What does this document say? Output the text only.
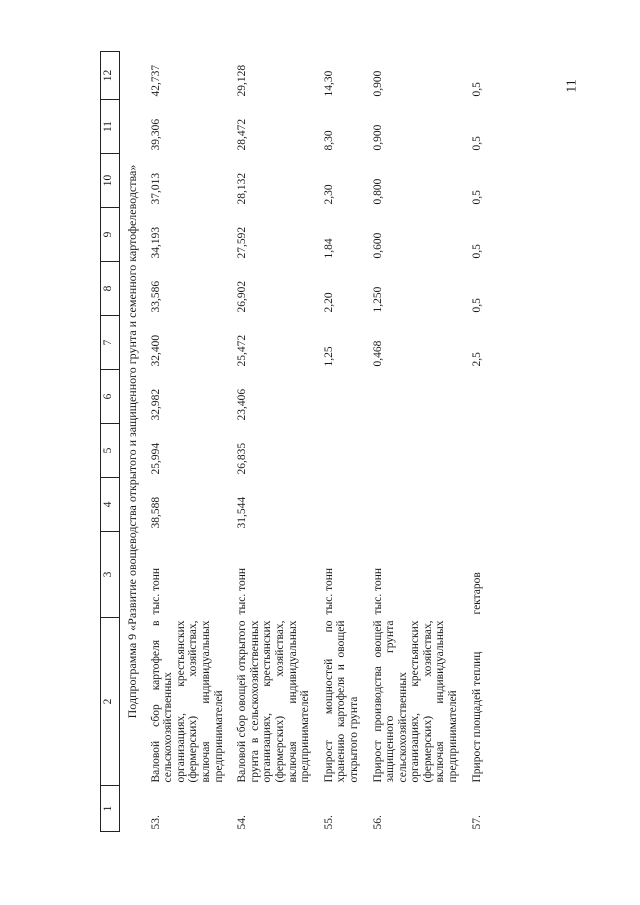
11
1	2	3	4	5	6	7	8	9	10	11	12
Подпрограмма 9 «Развитие овощеводства открытого и защищенного грунта и семенного картофелеводства»											
53.	Валовой сбор картофеля в сельскохозяйственных организациях, крестьянских (фермерских) хозяйствах, включая индивидуальных предпринимателей	тыс. тонн	38,588	25,994	32,982	32,400	33,586	34,193	37,013	39,306	42,737
54.	Валовой сбор овощей открытого грунта в сельскохозяйственных организациях, крестьянских (фермерских) хозяйствах, включая индивидуальных предпринимателей	тыс. тонн	31,544	26,835	23,406	25,472	26,902	27,592	28,132	28,472	29,128
55.	Прирост мощностей по хранению картофеля и овощей открытого грунта	тыс. тонн				1,25	2,20	1,84	2,30	8,30	14,30
56.	Прирост производства овощей защищенного грунта сельскохозяйственных организациях, крестьянских (фермерских) хозяйствах, включая индивидуальных предпринимателей	тыс. тонн				0,468	1,250	0,600	0,800	0,900	0,900
57.	Прирост площадей теплиц	гектаров				2,5	0,5	0,5	0,5	0,5	0,5
